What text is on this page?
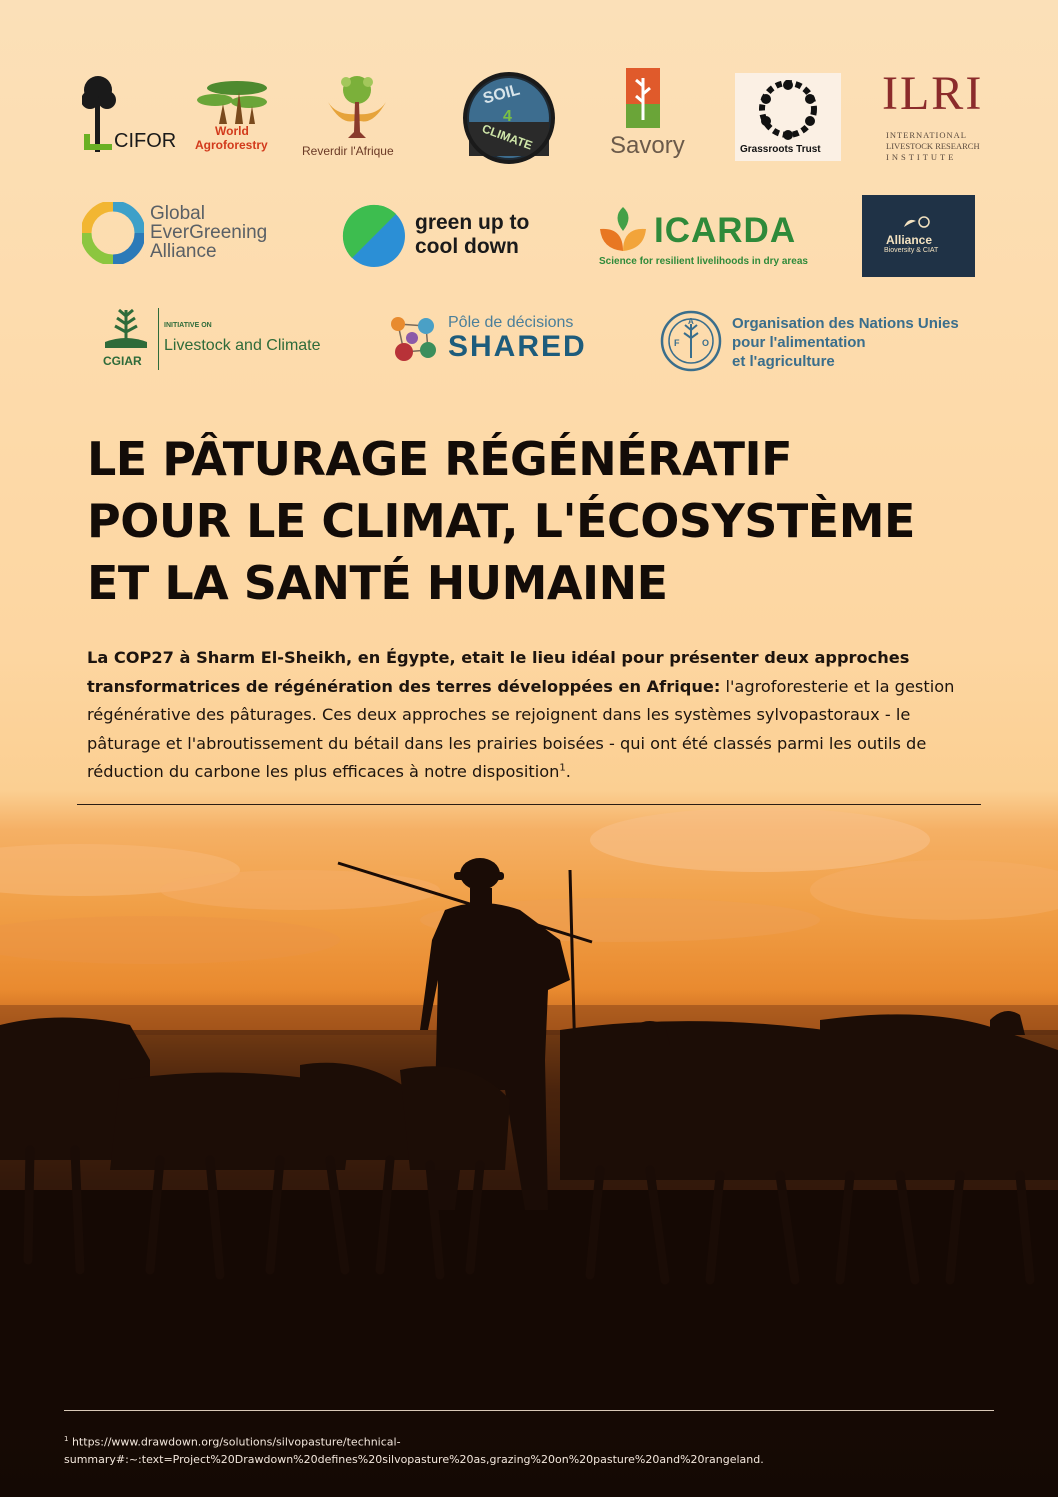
CIFOR	World
Agroforestry	Reverdir l'Afrique
SOIL
4
CLIMATE	Savory	Grassroots Trust
ILRI
INTERNATIONAL
LIVESTOCK RESEARCH
INSTITUTE
Global
EverGreening
Alliance
green up to
cool down	ICARDA
Science for resilient livelihoods in dry areas
Alliance
Bioversity & CIAT
CGIAR
INITIATIVE ON
Livestock and Climate
Pôle de décisions
SHARED	F	O
A	Organisation des Nations Unies
pour l'alimentation
et l'agriculture
LE PÂTURAGE RÉGÉNÉRATIF
POUR LE CLIMAT, L'ÉCOSYSTÈME
ET LA SANTÉ HUMAINE

La COP27 à Sharm El-Sheikh, en Égypte, etait le lieu idéal pour présenter deux approches transformatrices de régénération des terres développées en Afrique: l'agroforesterie et la gestion régénérative des pâturages. Ces deux approches se rejoignent dans les systèmes sylvopastoraux - le pâturage et l'abroutissement du bétail dans les prairies boisées - qui ont été classés parmi les outils de réduction du carbone les plus efficaces à notre disposition$^1$.

$^1$ https://www.drawdown.org/solutions/silvopasture/technical-summary#:~:text=Project%20Drawdown%20defines%20silvopasture%20as,grazing%20on%20pasture%20and%20rangeland.
